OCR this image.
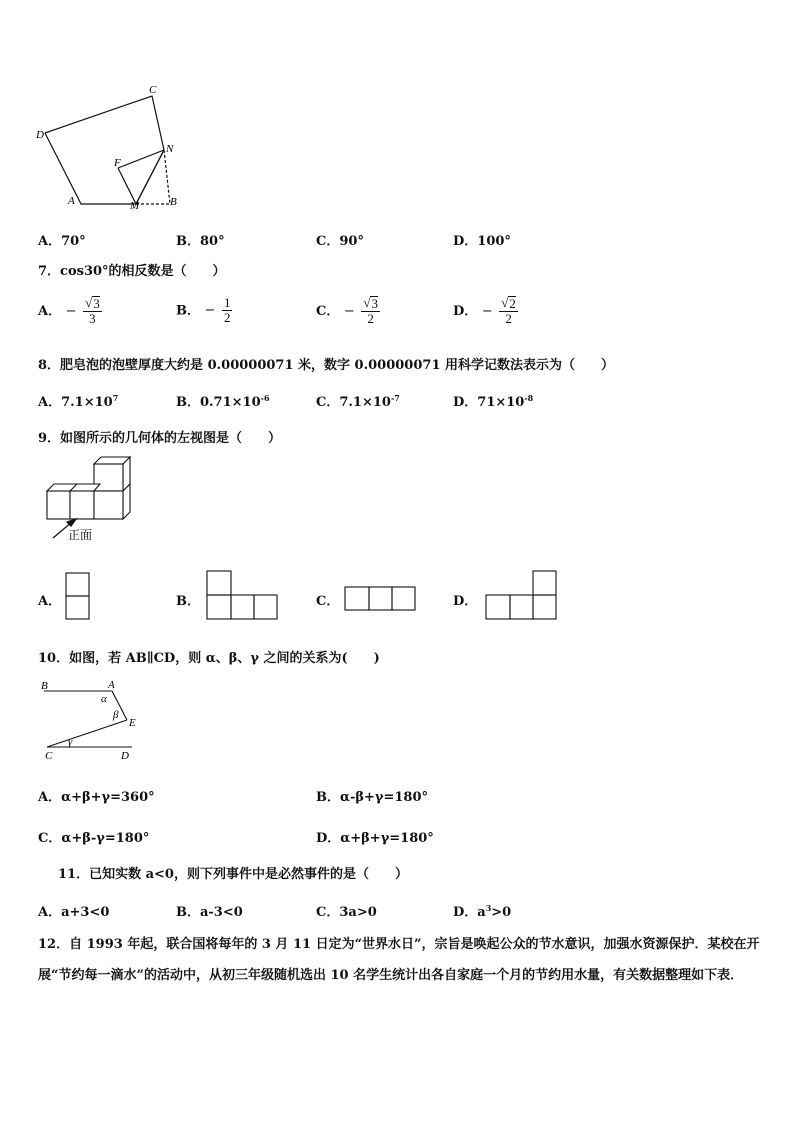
C
D
A	M	B
F
N
A．70°	B．80°	C．90°	D．100°
7．cos30°的相反数是（　　）
A． − $\frac{√ 3}{3}$	B． − $\frac{1}{2}$	C． − $\frac{√ 3}{2}$	D． − $\frac{√ 2}{2}$
8．肥皂泡的泡壁厚度大约是 0.00000071 米，数字 0.00000071 用科学记数法表示为（　　）
A．$7.1\times 10^7$	B．$0.71\times 10^{-6}$	C．$7.1\times 10^{-7}$	D．$71\times 10^{-8}$
9．如图所示的几何体的左视图是（　　）
正面
A．	B．	C．	D．
10．如图，若 AB∥CD，则 α、β、γ 之间的关系为(　　)
B	A
α
β
E
γ
C	D
A．α+β+γ=360°	B．α-β+γ=180°
C．α+β-γ=180°	D．α+β+γ=180°
11．已知实数 a<0，则下列事件中是必然事件的是（　　）
A．a+3<0	B．a-3<0	C．3a>0	D．$a^3>0$
12．自 1993 年起，联合国将每年的 3 月 11 日定为“世界水日”，宗旨是唤起公众的节水意识，加强水资源保护．某校在开展“节约每一滴水”的活动中，从初三年级随机选出 10 名学生统计出各自家庭一个月的节约用水量，有关数据整理如下表．
